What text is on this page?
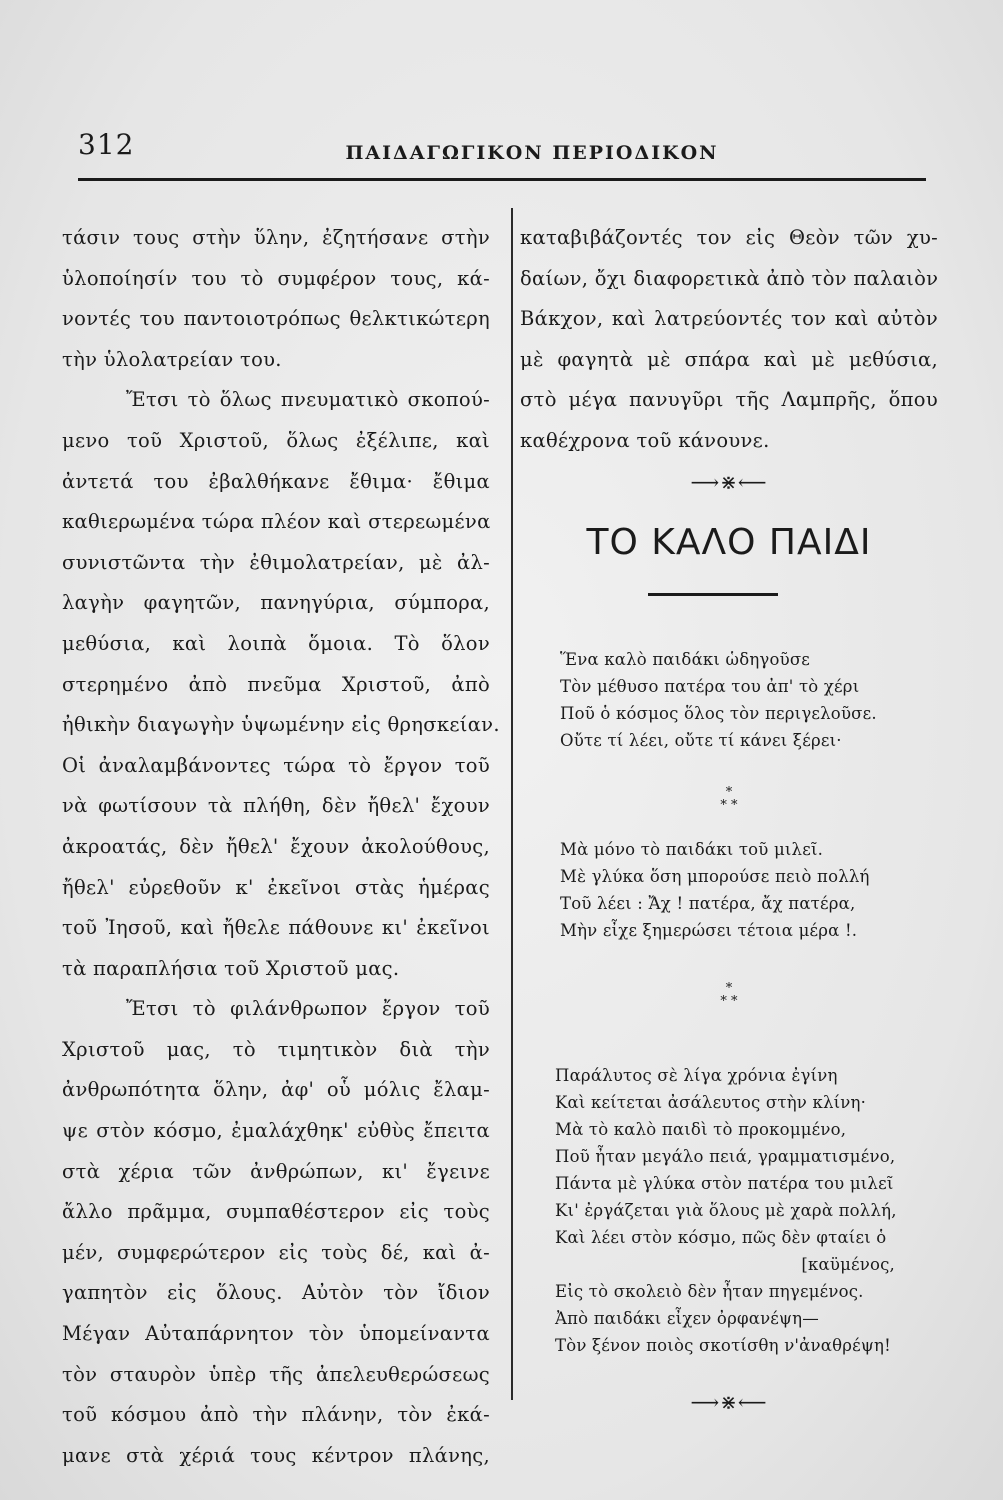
312	ΠΑΙΔΑΓΩΓΙΚΟΝ ΠΕΡΙΟΔΙΚΟΝ
τάσιν τους στὴν ὕλην, ἐζητήσανε στὴν
ὑλοποίησίν του τὸ συμφέρον τους, κά-
νοντές του παντοιοτρόπως θελκτικώτερη
τὴν ὑλολατρείαν του.
Ἔτσι τὸ ὅλως πνευματικὸ σκοπού-
μενο τοῦ Χριστοῦ, ὅλως ἐξέλιπε, καὶ
ἀντετά του ἐβαλθήκανε ἔθιμα· ἔθιμα
καθιερωμένα τώρα πλέον καὶ στερεωμένα
συνιστῶντα τὴν ἐθιμολατρείαν, μὲ ἀλ-
λαγὴν φαγητῶν, πανηγύρια, σύμπορα,
μεθύσια, καὶ λοιπὰ ὅμοια. Τὸ ὅλον
στερημένο ἀπὸ πνεῦμα Χριστοῦ, ἀπὸ
ἠθικὴν διαγωγὴν ὑψωμένην εἰς θρησκείαν.
Οἱ ἀναλαμβάνοντες τώρα τὸ ἔργον τοῦ
νὰ φωτίσουν τὰ πλήθη, δὲν ἤθελ' ἔχουν
ἀκροατάς, δὲν ἤθελ' ἔχουν ἀκολούθους,
ἤθελ' εὐρεθοῦν κ' ἐκεῖνοι στὰς ἡμέρας
τοῦ Ἰησοῦ, καὶ ἤθελε πάθουνε κι' ἐκεῖνοι
τὰ παραπλήσια τοῦ Χριστοῦ μας.
Ἔτσι τὸ φιλάνθρωπον ἔργον τοῦ
Χριστοῦ μας, τὸ τιμητικὸν διὰ τὴν
ἀνθρωπότητα ὅλην, ἀφ' οὗ μόλις ἔλαμ-
ψε στὸν κόσμο, ἐμαλάχθηκ' εὐθὺς ἔπειτα
στὰ χέρια τῶν ἀνθρώπων, κι' ἔγεινε
ἄλλο πρᾶμμα, συμπαθέστερον εἰς τοὺς
μέν, συμφερώτερον εἰς τοὺς δέ, καὶ ἀ-
γαπητὸν εἰς ὅλους. Αὐτὸν τὸν ἴδιον
Μέγαν Αὐταπάρνητον τὸν ὑπομείναντα
τὸν σταυρὸν ὑπὲρ τῆς ἀπελευθερώσεως
τοῦ κόσμου ἀπὸ τὴν πλάνην, τὸν ἐκά-
μανε στὰ χέριά τους κέντρον πλάνης,
καταβιβάζοντές τον εἰς Θεὸν τῶν χυ-
δαίων, ὄχι διαφορετικὰ ἀπὸ τὸν παλαιὸν
Βάκχον, καὶ λατρεύοντές τον καὶ αὐτὸν
μὲ φαγητὰ μὲ σπάρα καὶ μὲ μεθύσια,
στὸ μέγα πανυγῦρι τῆς Λαμπρῆς, ὅπου
καθέχρονα τοῦ κάνουνε.
⟶⋇⟵
ΤΟ ΚΑΛΟ ΠΑΙΔΙ
Ἕνα καλὸ παιδάκι ὡδηγοῦσε
Τὸν μέθυσο πατέρα του ἀπ' τὸ χέρι
Ποῦ ὁ κόσμος ὅλος τὸν περιγελοῦσε.
Οὔτε τί λέει, οὔτε τί κάνει ξέρει·
*
* *
Μὰ μόνο τὸ παιδάκι τοῦ μιλεῖ.
Μὲ γλύκα ὅση μπορούσε πειὸ πολλή
Τοῦ λέει : Ἄχ ! πατέρα, ἄχ πατέρα,
Μὴν εἶχε ξημερώσει τέτοια μέρα !.
*
* *
Παράλυτος σὲ λίγα χρόνια ἐγίνη
Καὶ κείτεται ἀσάλευτος στὴν κλίνη·
Μὰ τὸ καλὸ παιδὶ τὸ προκομμένο,
Ποῦ ἦταν μεγάλο πειά, γραμματισμένο,
Πάντα μὲ γλύκα στὸν πατέρα του μιλεῖ
Κι' ἐργάζεται γιὰ ὅλους μὲ χαρὰ πολλή,
Καὶ λέει στὸν κόσμο, πῶς δὲν φταίει ὁ
[καϋμένος,
Εἰς τὸ σκολειὸ δὲν ἦταν πηγεμένος.
Ἀπὸ παιδάκι εἶχεν ὀρφανέψη—
Τὸν ξένον ποιὸς σκοτίσθη ν'ἀναθρέψη!
⟶⋇⟵
